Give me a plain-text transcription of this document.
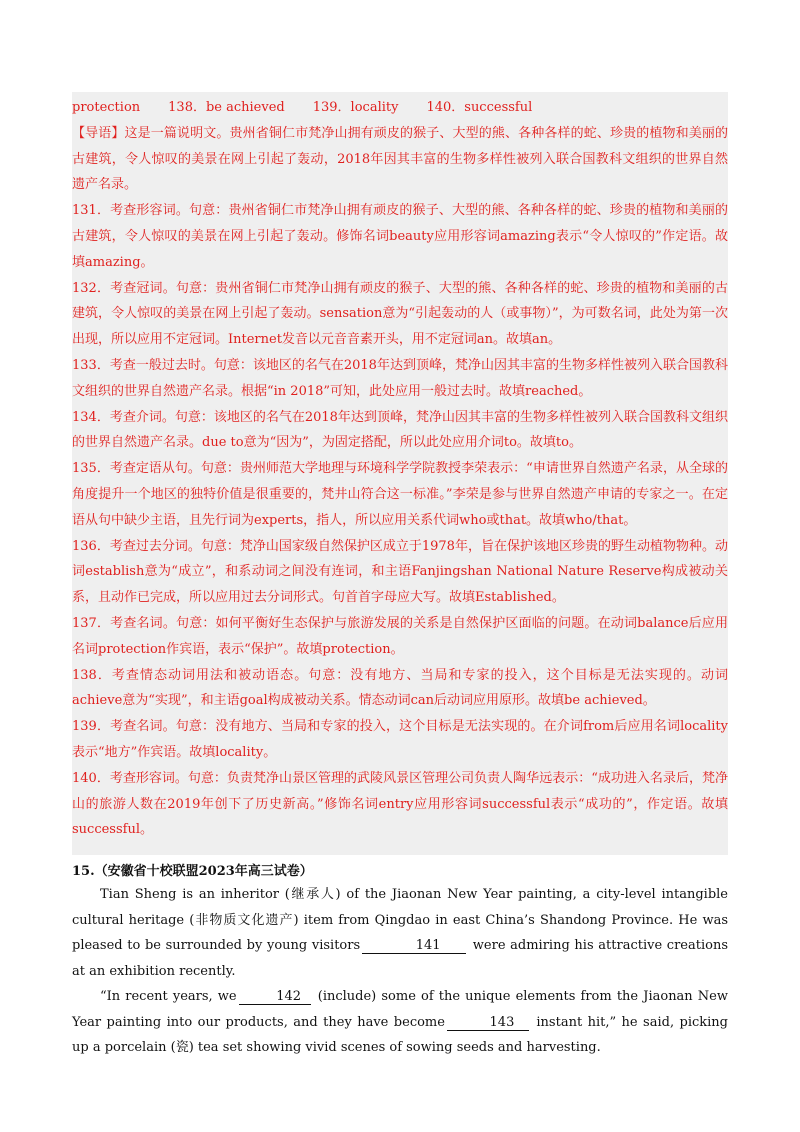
protection 138．be achieved 139．locality 140．successful

【导语】这是一篇说明文。贵州省铜仁市梵净山拥有顽皮的猴子、大型的熊、各种各样的蛇、珍贵的植物和美丽的古建筑，令人惊叹的美景在网上引起了轰动，2018年因其丰富的生物多样性被列入联合国教科文组织的世界自然遗产名录。

131．考查形容词。句意：贵州省铜仁市梵净山拥有顽皮的猴子、大型的熊、各种各样的蛇、珍贵的植物和美丽的古建筑，令人惊叹的美景在网上引起了轰动。修饰名词beauty应用形容词amazing表示“令人惊叹的”作定语。故填amazing。

132．考查冠词。句意：贵州省铜仁市梵净山拥有顽皮的猴子、大型的熊、各种各样的蛇、珍贵的植物和美丽的古建筑，令人惊叹的美景在网上引起了轰动。sensation意为“引起轰动的人（或事物）”，为可数名词，此处为第一次出现，所以应用不定冠词。Internet发音以元音音素开头，用不定冠词an。故填an。

133．考查一般过去时。句意：该地区的名气在2018年达到顶峰，梵净山因其丰富的生物多样性被列入联合国教科文组织的世界自然遗产名录。根据“in 2018”可知，此处应用一般过去时。故填reached。

134．考查介词。句意：该地区的名气在2018年达到顶峰，梵净山因其丰富的生物多样性被列入联合国教科文组织的世界自然遗产名录。due to意为“因为”，为固定搭配，所以此处应用介词to。故填to。

135．考查定语从句。句意：贵州师范大学地理与环境科学学院教授李荣表示：“申请世界自然遗产名录，从全球的角度提升一个地区的独特价值是很重要的，梵井山符合这一标准。”李荣是参与世界自然遗产申请的专家之一。在定语从句中缺少主语，且先行词为experts，指人，所以应用关系代词who或that。故填who/that。

136．考查过去分词。句意：梵净山国家级自然保护区成立于1978年，旨在保护该地区珍贵的野生动植物物种。动词establish意为“成立”，和系动词之间没有连词，和主语Fanjingshan National Nature Reserve构成被动关系，且动作已完成，所以应用过去分词形式。句首首字母应大写。故填Established。

137．考查名词。句意：如何平衡好生态保护与旅游发展的关系是自然保护区面临的问题。在动词balance后应用名词protection作宾语，表示“保护”。故填protection。

138．考查情态动词用法和被动语态。句意：没有地方、当局和专家的投入，这个目标是无法实现的。动词achieve意为“实现”，和主语goal构成被动关系。情态动词can后动词应用原形。故填be achieved。

139．考查名词。句意：没有地方、当局和专家的投入，这个目标是无法实现的。在介词from后应用名词locality表示“地方”作宾语。故填locality。

140．考查形容词。句意：负责梵净山景区管理的武陵风景区管理公司负责人陶华远表示：“成功进入名录后，梵净山的旅游人数在2019年创下了历史新高。”修饰名词entry应用形容词successful表示“成功的”，作定语。故填successful。

15.（安徽省十校联盟2023年高三试卷）

Tian Sheng is an inheritor (继承人) of the Jiaonan New Year painting, a city-level intangible cultural heritage (非物质文化遗产) item from Qingdao in east China’s Shandong Province. He was pleased to be surrounded by young visitors	141 were admiring his attractive creations at an exhibition recently.

“In recent years, we	142 (include) some of the unique elements from the Jiaonan New Year painting into our products, and they have become	143 instant hit,” he said, picking up a porcelain (瓷) tea set showing vivid scenes of sowing seeds and harvesting.
